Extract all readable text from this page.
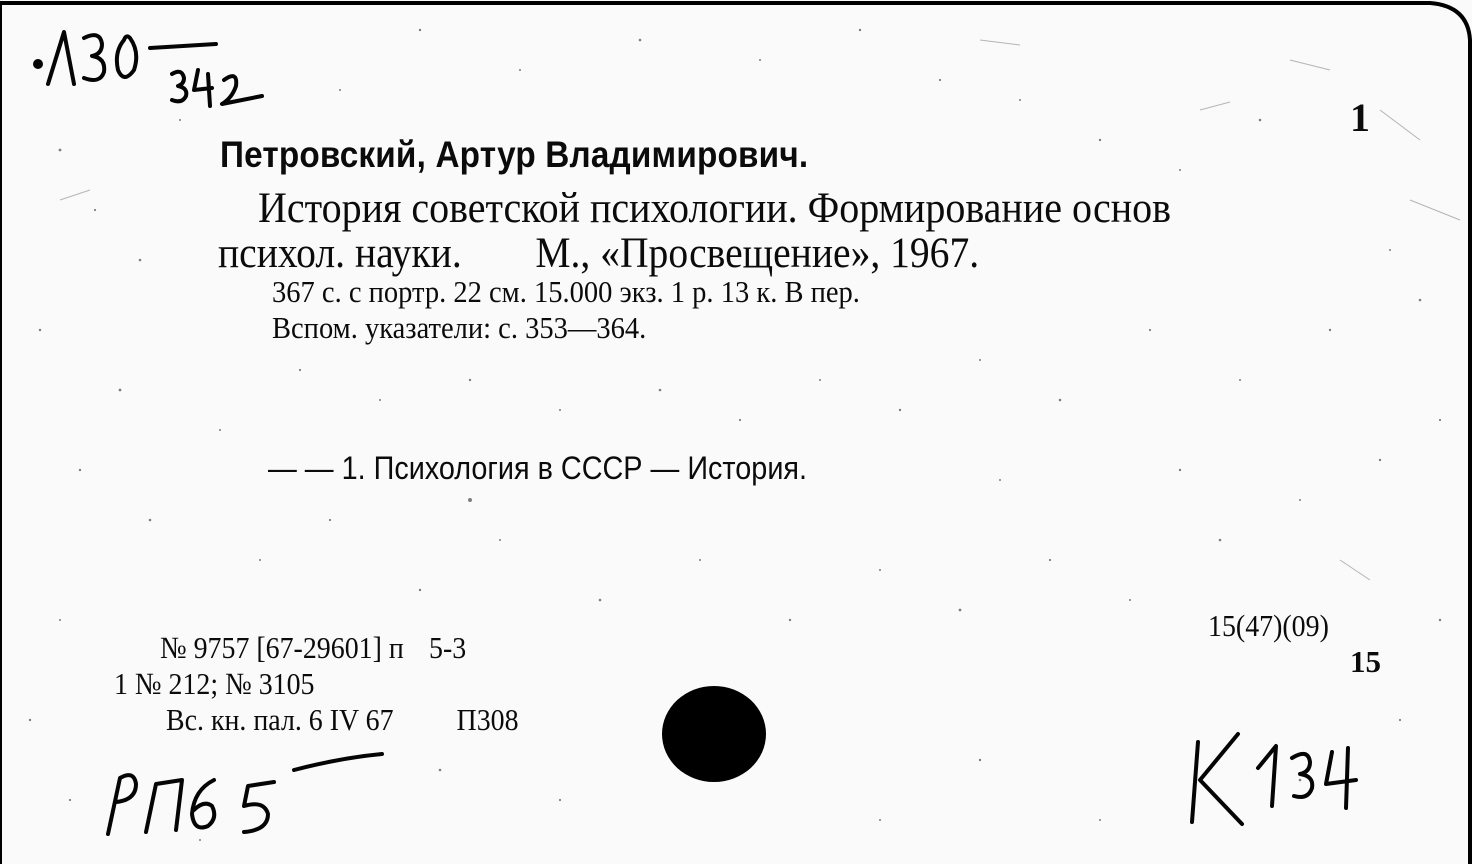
1

Петровский, Артур Владимирович.

История советской психологии. Формирование основ

психол. науки. М., «Просвещение», 1967.

367 с. с портр. 22 см. 15.000 экз. 1 р. 13 к. В пер.

Вспом. указатели: с. 353—364.

— — 1. Психология в СССР — История.

№ 9757 [67-29601] п 5-3

1 № 212; № 3105

Вс. кн. пал. 6 IV 67 П308

15(47)(09)

15
